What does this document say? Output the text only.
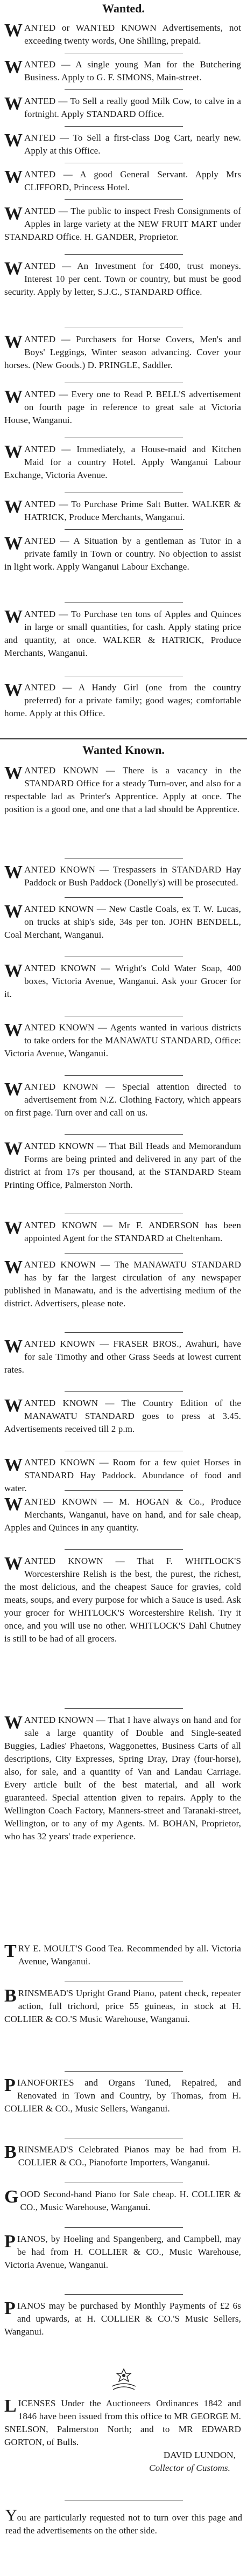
Wanted.
WANTED or WANTED KNOWN Advertisements, not exceeding twenty words, One Shilling, prepaid.
WANTED — A single young Man for the Butchering Business. Apply to G. F. SIMONS, Main-street.
WANTED — To Sell a really good Milk Cow, to calve in a fortnight. Apply STANDARD Office.
WANTED — To Sell a first-class Dog Cart, nearly new. Apply at this Office.
WANTED — A good General Servant. Apply Mrs CLIFFORD, Princess Hotel.
WANTED — The public to inspect Fresh Consignments of Apples in large variety at the NEW FRUIT MART under STANDARD Office. H. GANDER, Proprietor.
WANTED — An Investment for £400, trust moneys. Interest 10 per cent. Town or country, but must be good security. Apply by letter, S.J.C., STANDARD Office.
WANTED — Purchasers for Horse Covers, Men's and Boys' Leggings, Winter season advancing. Cover your horses. (New Goods.) D. PRINGLE, Saddler.
WANTED — Every one to Read P. BELL'S advertisement on fourth page in reference to great sale at Victoria House, Wanganui.
WANTED — Immediately, a House-maid and Kitchen Maid for a country Hotel. Apply Wanganui Labour Exchange, Victoria Avenue.
WANTED — To Purchase Prime Salt Butter. WALKER & HATRICK, Produce Merchants, Wanganui.
WANTED — A Situation by a gentleman as Tutor in a private family in Town or country. No objection to assist in light work. Apply Wanganui Labour Exchange.
WANTED — To Purchase ten tons of Apples and Quinces in large or small quantities, for cash. Apply stating price and quantity, at once. WALKER & HATRICK, Produce Merchants, Wanganui.
WANTED — A Handy Girl (one from the country preferred) for a private family; good wages; comfortable home. Apply at this Office.
Wanted Known.
WANTED KNOWN — There is a vacancy in the STANDARD Office for a steady Turn-over, and also for a respectable lad as Printer's Apprentice. Apply at once. The position is a good one, and one that a lad should be Apprentice.
WANTED KNOWN — Trespassers in STANDARD Hay Paddock or Bush Paddock (Donelly's) will be prosecuted.
WANTED KNOWN — New Castle Coals, ex T. W. Lucas, on trucks at ship's side, 34s per ton. JOHN BENDELL, Coal Merchant, Wanganui.
WANTED KNOWN — Wright's Cold Water Soap, 400 boxes, Victoria Avenue, Wanganui. Ask your Grocer for it.
WANTED KNOWN — Agents wanted in various districts to take orders for the MANAWATU STANDARD, Office: Victoria Avenue, Wanganui.
WANTED KNOWN — Special attention directed to advertisement from N.Z. Clothing Factory, which appears on first page. Turn over and call on us.
WANTED KNOWN — That Bill Heads and Memorandum Forms are being printed and delivered in any part of the district at from 17s per thousand, at the STANDARD Steam Printing Office, Palmerston North.
WANTED KNOWN — Mr F. ANDERSON has been appointed Agent for the STANDARD at Cheltenham.
WANTED KNOWN — The MANAWATU STANDARD has by far the largest circulation of any newspaper published in Manawatu, and is the advertising medium of the district. Advertisers, please note.
WANTED KNOWN — FRASER BROS., Awahuri, have for sale Timothy and other Grass Seeds at lowest current rates.
WANTED KNOWN — The Country Edition of the MANAWATU STANDARD goes to press at 3.45. Advertisements received till 2 p.m.
WANTED KNOWN — Room for a few quiet Horses in STANDARD Hay Paddock. Abundance of food and water.
WANTED KNOWN — M. HOGAN & Co., Produce Merchants, Wanganui, have on hand, and for sale cheap, Apples and Quinces in any quantity.
WANTED KNOWN — That F. WHITLOCK'S Worcestershire Relish is the best, the purest, the richest, the most delicious, and the cheapest Sauce for gravies, cold meats, soups, and every purpose for which a Sauce is used. Ask your grocer for WHITLOCK'S Worcestershire Relish. Try it once, and you will use no other. WHITLOCK'S Dahl Chutney is still to be had of all grocers.
WANTED KNOWN — That I have always on hand and for sale a large quantity of Double and Single-seated Buggies, Ladies' Phaetons, Waggonettes, Business Carts of all descriptions, City Expresses, Spring Dray, Dray (four-horse), also, for sale, and a quantity of Van and Landau Carriage. Every article built of the best material, and all work guaranteed. Special attention given to repairs. Apply to the Wellington Coach Factory, Manners-street and Taranaki-street, Wellington, or to any of my Agents. M. BOHAN, Proprietor, who has 32 years' trade experience.
TRY E. MOULT'S Good Tea. Recommended by all. Victoria Avenue, Wanganui.
BRINSMEAD'S Upright Grand Piano, patent check, repeater action, full trichord, price 55 guineas, in stock at H. COLLIER & CO.'S Music Warehouse, Wanganui.
PIANOFORTES and Organs Tuned, Repaired, and Renovated in Town and Country, by Thomas, from H. COLLIER & CO., Music Sellers, Wanganui.
BRINSMEAD'S Celebrated Pianos may be had from H. COLLIER & CO., Pianoforte Importers, Wanganui.
GOOD Second-hand Piano for Sale cheap. H. COLLIER & CO., Music Warehouse, Wanganui.
PIANOS, by Hoeling and Spangenberg, and Campbell, may be had from H. COLLIER & CO., Music Warehouse, Victoria Avenue, Wanganui.
PIANOS may be purchased by Monthly Payments of £2 6s and upwards, at H. COLLIER & CO.'S Music Sellers, Wanganui.
LICENSES Under the Auctioneers Ordinances 1842 and 1846 have been issued from this office to MR GEORGE M. SNELSON, Palmerston North; and to MR EDWARD GORTON, of Bulls.
DAVID LUNDON,
Collector of Customs.
You are particularly requested not to turn over this page and read the advertisements on the other side.
